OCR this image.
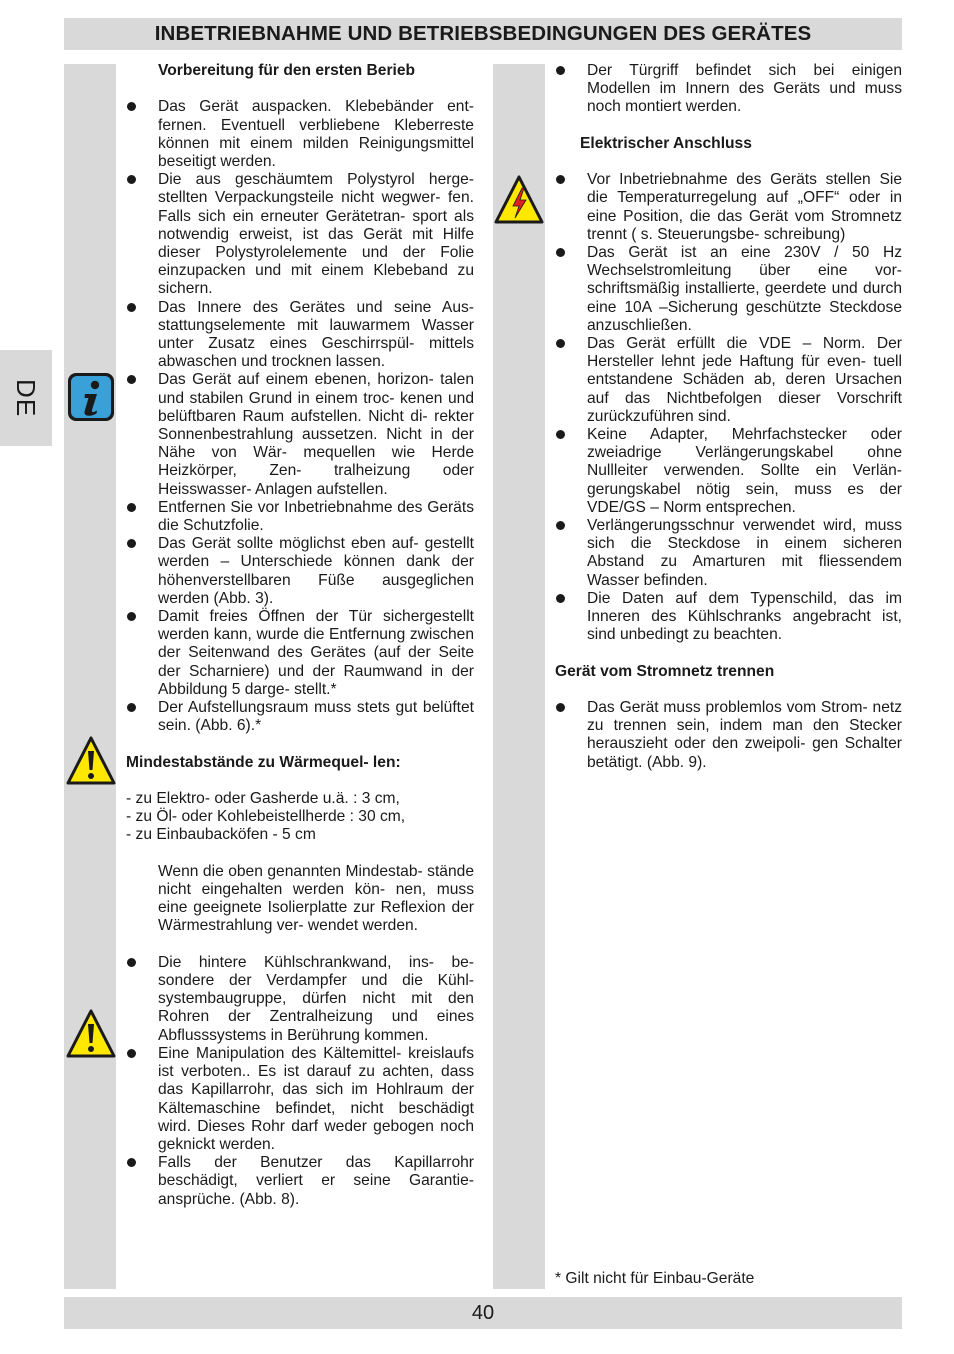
INBETRIEBNAHME UND BETRIEBSBEDINGUNGEN DES GERÄTES
DE

Vorbereitung für den ersten Berieb

Das Gerät auspacken. Klebebänder ent- fernen. Eventuell verbliebene Kleberreste können mit einem milden Reinigungsmittel beseitigt werden.
Die aus geschäumtem Polystyrol herge- stellten Verpackungsteile nicht wegwer- fen. Falls sich ein erneuter Gerätetran- sport als notwendig erweist, ist das Gerät mit Hilfe dieser Polystyrolelemente und der Folie einzupacken und mit einem Klebeband zu sichern.
Das Innere des Gerätes und seine Aus- stattungselemente mit lauwarmem Wasser unter Zusatz eines Geschirrspül- mittels abwaschen und trocknen lassen.
Das Gerät auf einem ebenen, horizon- talen und stabilen Grund in einem troc- kenen und belüftbaren Raum aufstellen. Nicht di- rekter Sonnenbestrahlung aussetzen. Nicht in der Nähe von Wär- mequellen wie Herde Heizkörper, Zen- tralheizung oder Heisswasser- Anlagen aufstellen.
Entfernen Sie vor Inbetriebnahme des Geräts die Schutzfolie.
Das Gerät sollte möglichst eben auf- gestellt werden – Unterschiede können dank der höhenverstellbaren Füße ausgeglichen werden (Abb. 3).
Damit freies Öffnen der Tür sichergestellt werden kann, wurde die Entfernung zwischen der Seitenwand des Gerätes (auf der Seite der Scharniere) und der Raumwand in der Abbildung 5 darge- stellt.*
Der Aufstellungsraum muss stets gut belüftet sein. (Abb. 6).*

Mindestabstände zu Wärmequel- len:

- zu Elektro- oder Gasherde u.ä. : 3 cm,

- zu Öl- oder Kohlebeistellherde : 30 cm,

- zu Einbaubacköfen - 5 cm

Wenn die oben genannten Mindestab- stände nicht eingehalten werden kön- nen, muss eine geeignete Isolierplatte zur Reflexion der Wärmestrahlung ver- wendet werden.

Die hintere Kühlschrankwand, ins- be- sondere der Verdampfer und die Kühl- systembaugruppe, dürfen nicht mit den Rohren der Zentralheizung und eines Abflusssystems in Berührung kommen.
Eine Manipulation des Kältemittel- kreislaufs ist verboten.. Es ist darauf zu achten, dass das Kapillarrohr, das sich im Hohlraum der Kältemaschine befindet, nicht beschädigt wird. Dieses Rohr darf weder gebogen noch geknickt werden.
Falls der Benutzer das Kapillarrohr beschädigt, verliert er seine Garantie- ansprüche. (Abb. 8).
Der Türgriff befindet sich bei einigen Modellen im Innern des Geräts und muss noch montiert werden.

Elektrischer Anschluss

Vor Inbetriebnahme des Geräts stellen Sie die Temperaturregelung auf „OFF“ oder in eine Position, die das Gerät vom Stromnetz trennt ( s. Steuerungsbe- schreibung)
Das Gerät ist an eine 230V / 50 Hz Wechselstromleitung über eine vor- schriftsmäßig installierte, geerdete und durch eine 10A –Sicherung geschützte Steckdose anzuschließen.
Das Gerät erfüllt die VDE – Norm. Der Hersteller lehnt jede Haftung für even- tuell entstandene Schäden ab, deren Ursachen auf das Nichtbefolgen dieser Vorschrift zurückzuführen sind.
Keine Adapter, Mehrfachstecker oder zweiadrige Verlängerungskabel ohne Nullleiter verwenden. Sollte ein Verlän- gerungskabel nötig sein, muss es der VDE/GS – Norm entsprechen.
Verlängerungsschnur verwendet wird, muss sich die Steckdose in einem sicheren Abstand zu Amarturen mit fliessendem Wasser befinden.
Die Daten auf dem Typenschild, das im Inneren des Kühlschranks angebracht ist, sind unbedingt zu beachten.

Gerät vom Stromnetz trennen

Das Gerät muss problemlos vom Strom- netz zu trennen sein, indem man den Stecker herauszieht oder den zweipoli- gen Schalter betätigt. (Abb. 9).

* Gilt nicht für Einbau-Geräte

40
